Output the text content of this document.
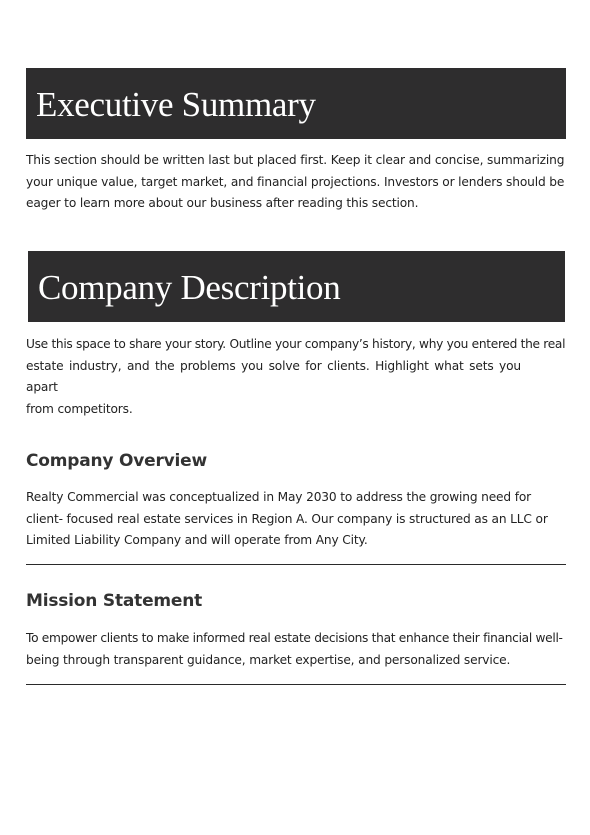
Executive Summary
This section should be written last but placed first. Keep it clear and concise, summarizing
your unique value, target market, and financial projections. Investors or lenders should be
eager to learn more about our business after reading this section.
Company Description
Use this space to share your story. Outline your company’s history, why you entered the real
estate industry, and the problems you solve for clients. Highlight what sets you apart
from competitors.
Company Overview
Realty Commercial was conceptualized in May 2030 to address the growing need for
client- focused real estate services in Region A. Our company is structured as an LLC or
Limited Liability Company and will operate from Any City.
Mission Statement
To empower clients to make informed real estate decisions that enhance their financial well-
being through transparent guidance, market expertise, and personalized service.
